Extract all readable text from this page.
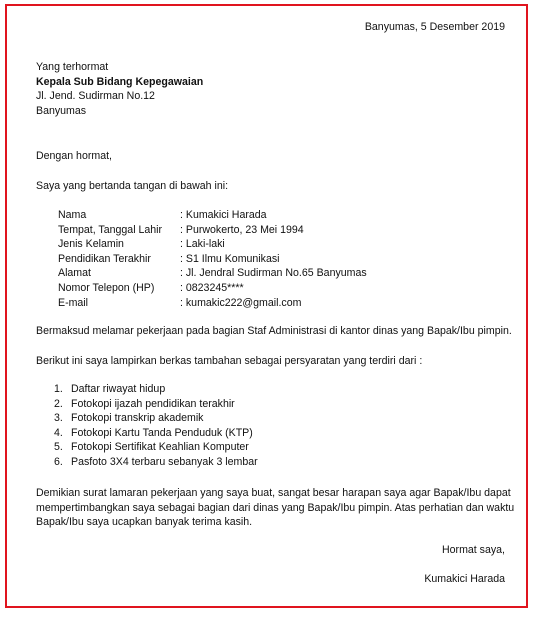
Banyumas, 5 Desember 2019
Yang terhormat
Kepala Sub Bidang Kepegawaian
Jl. Jend. Sudirman No.12
Banyumas
Dengan hormat,
Saya yang bertanda tangan di bawah ini:
Nama	: Kumakici Harada
Tempat, Tanggal Lahir	: Purwokerto, 23 Mei 1994
Jenis Kelamin	: Laki-laki
Pendidikan Terakhir	: S1 Ilmu Komunikasi
Alamat	: Jl. Jendral Sudirman No.65 Banyumas
Nomor Telepon (HP)	: 0823245****
E-mail	: kumakic222@gmail.com
Bermaksud melamar pekerjaan pada bagian Staf Administrasi di kantor dinas yang Bapak/Ibu pimpin.
Berikut ini saya lampirkan berkas tambahan sebagai persyaratan yang terdiri dari :
1. Daftar riwayat hidup
2. Fotokopi ijazah pendidikan terakhir
3. Fotokopi transkrip akademik
4. Fotokopi Kartu Tanda Penduduk (KTP)
5. Fotokopi Sertifikat Keahlian Komputer
6. Pasfoto 3X4 terbaru sebanyak 3 lembar
Demikian surat lamaran pekerjaan yang saya buat, sangat besar harapan saya agar Bapak/Ibu dapat
mempertimbangkan saya sebagai bagian dari dinas yang Bapak/Ibu pimpin. Atas perhatian dan waktu
Bapak/Ibu saya ucapkan banyak terima kasih.
Hormat saya,
Kumakici Harada
